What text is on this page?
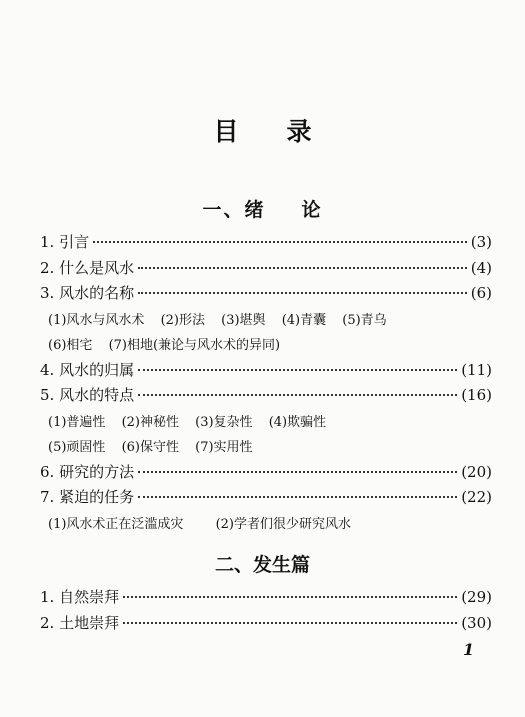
目录
一、绪 论
1. 引言	(3)
2. 什么是风水	(4)
3. 风水的名称	(6)
(1)风水与风水术 (2)形法 (3)堪舆 (4)青囊 (5)青乌
(6)相宅 (7)相地(兼论与风水术的异同)
4. 风水的归属	(11)
5. 风水的特点	(16)
(1)普遍性 (2)神秘性 (3)复杂性 (4)欺骗性
(5)顽固性 (6)保守性 (7)实用性
6. 研究的方法	(20)
7. 紧迫的任务	(22)
(1)风水术正在泛滥成灾 (2)学者们很少研究风水
二、发生篇
1. 自然崇拜	(29)
2. 土地崇拜	(30)
1
